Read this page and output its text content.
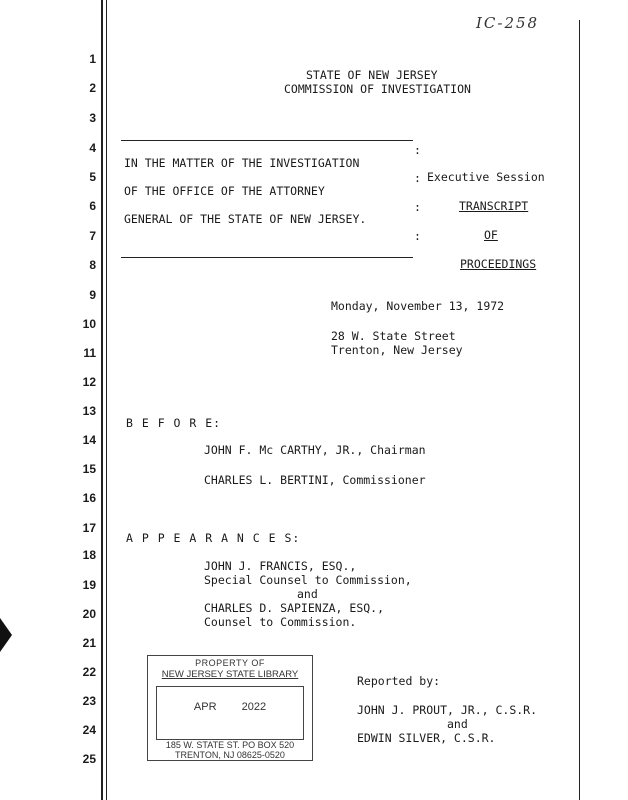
IC-258
1
2
3
4
5
6
7
8
9
10
11
12
13
14
15
16
17
18
19
20
21
22
23
24
25
STATE OF NEW JERSEY
COMMISSION OF INVESTIGATION
IN THE MATTER OF THE INVESTIGATION
OF THE OFFICE OF THE ATTORNEY
GENERAL OF THE STATE OF NEW JERSEY.
:
:
:
:
Executive Session
TRANSCRIPT
OF
PROCEEDINGS
Monday, November 13, 1972
28 W. State Street
Trenton, New Jersey
B E F O R E:
JOHN F. Mc CARTHY, JR., Chairman
CHARLES L. BERTINI, Commissioner
A P P E A R A N C E S:
JOHN J. FRANCIS, ESQ.,
Special Counsel to Commission,
and
CHARLES D. SAPIENZA, ESQ.,
Counsel to Commission.
PROPERTY OF
NEW JERSEY STATE LIBRARY
APR 2022
185 W. STATE ST. PO BOX 520
TRENTON, NJ 08625-0520
Reported by:
JOHN J. PROUT, JR., C.S.R.
and
EDWIN SILVER, C.S.R.
